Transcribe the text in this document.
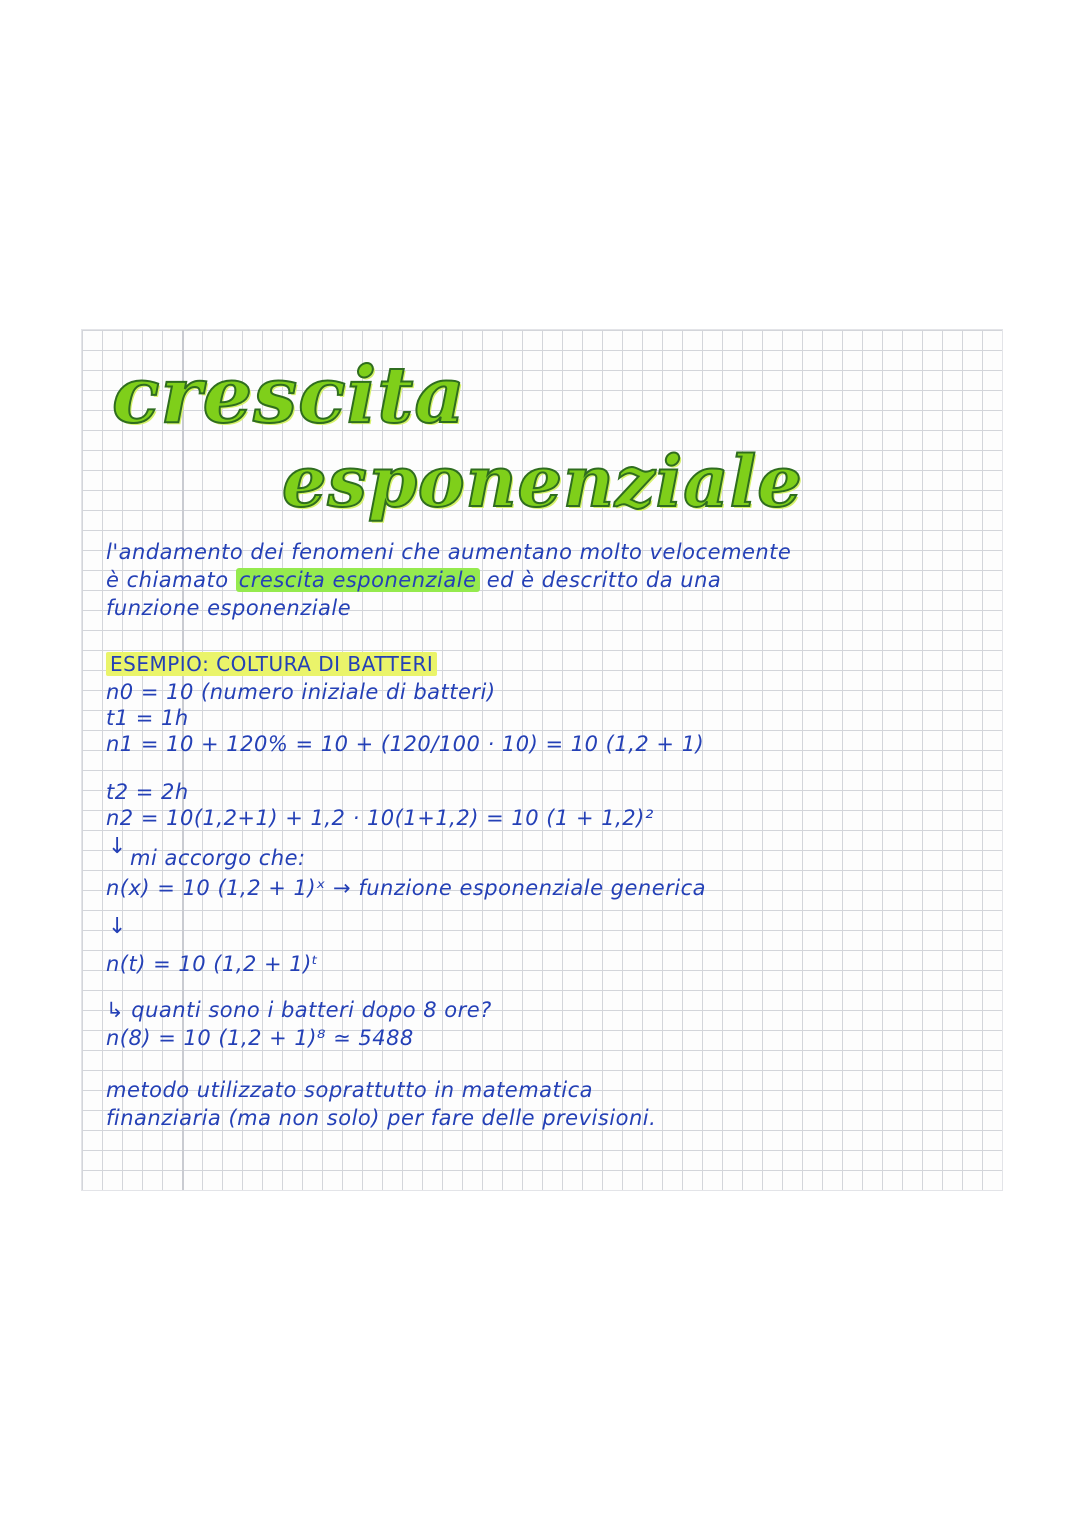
crescita
esponenziale
l'andamento dei fenomeni che aumentano molto velocemente
è chiamato crescita esponenziale ed è descritto da una
funzione esponenziale
ESEMPIO: COLTURA DI BATTERI
n0 = 10 (numero iniziale di batteri)
t1 = 1h
n1 = 10 + 120% = 10 + (120/100 · 10) = 10 (1,2 + 1)
t2 = 2h
n2 = 10(1,2+1) + 1,2 · 10(1+1,2) = 10 (1 + 1,2)²
↓ mi accorgo che:
n(x) = 10 (1,2 + 1)ˣ → funzione esponenziale generica
↓
n(t) = 10 (1,2 + 1)ᵗ
↳ quanti sono i batteri dopo 8 ore?
n(8) = 10 (1,2 + 1)⁸ ≃ 5488
metodo utilizzato soprattutto in matematica
finanziaria (ma non solo) per fare delle previsioni.
